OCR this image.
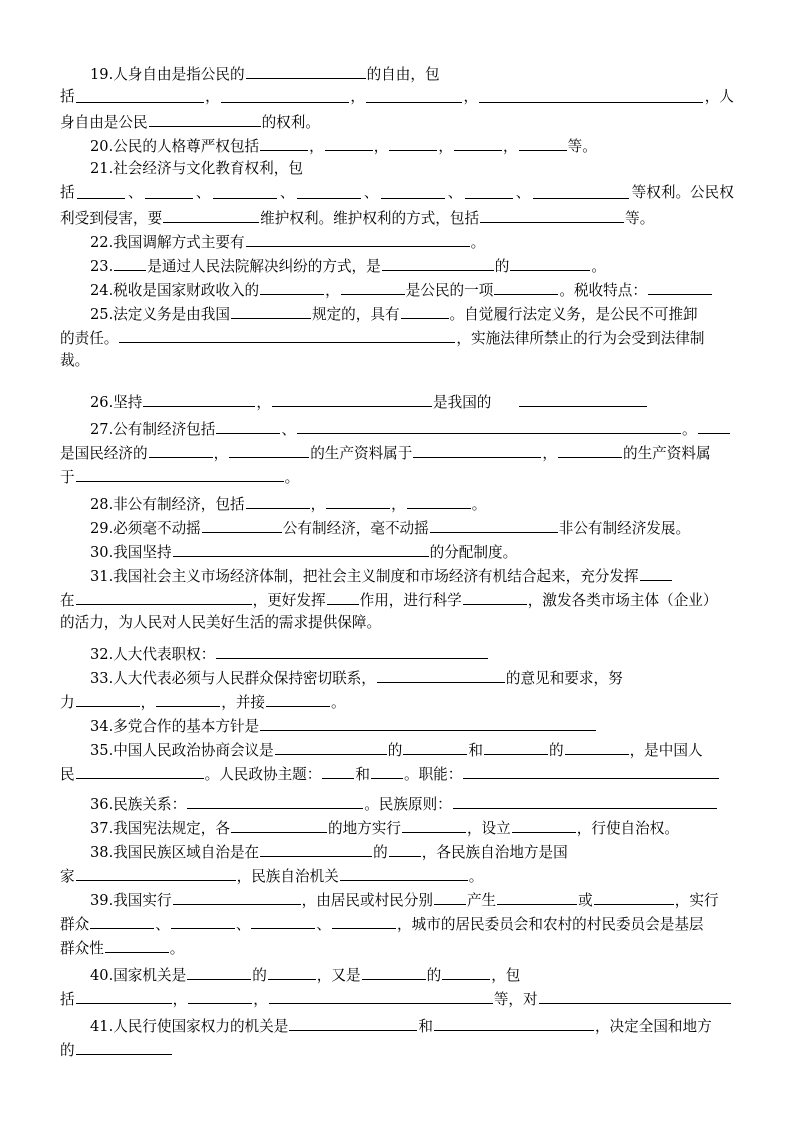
19.人身自由是指公民的	的自由，包
括	，	，	，	，人
身自由是公民	的权利。
20.公民的人格尊严权包括	，	，	，	，	等。
21.社会经济与文化教育权利，包
括	、	、	、	、	、	、	等权利。公民权
利受到侵害，要	维护权利。维护权利的方式，包括	等。
22.我国调解方式主要有	。
23. 是通过人民法院解决纠纷的方式，是	的	。
24.税收是国家财政收入的	，	是公民的一项	。税收特点：
25.法定义务是由我国	规定的，具有	。自觉履行法定义务，是公民不可推卸
的责任。	，实施法律所禁止的行为会受到法律制
裁。
26.坚持	，	是我国的
27.公有制经济包括	、	。
是国民经济的	，	的生产资料属于	，	的生产资料属
于	。
28.非公有制经济，包括	，	，	。
29.必须毫不动摇	公有制经济，毫不动摇	非公有制经济发展。
30.我国坚持	的分配制度。
31.我国社会主义市场经济体制，把社会主义制度和市场经济有机结合起来，充分发挥
在	，更好发挥 作用，进行科学	，激发各类市场主体（企业）
的活力，为人民对人民美好生活的需求提供保障。
32.人大代表职权：
33.人大代表必须与人民群众保持密切联系，	的意见和要求，努
力	，	，并接	。
34.多党合作的基本方针是
35.中国人民政治协商会议是	的	和	的	，是中国人
民	。人民政协主题： 和 。职能：
36.民族关系：	。民族原则：
37.我国宪法规定，各	的地方实行	，设立	，行使自治权。
38.我国民族区域自治是在	的 ，各民族自治地方是国
家	，民族自治机关	。
39.我国实行	，由居民或村民分别 产生	或	，实行
群众	、	、	、	，城市的居民委员会和农村的村民委员会是基层
群众性	。
40.国家机关是	的	，又是	的	，包
括	，	，	等，对
41.人民行使国家权力的机关是	和	，决定全国和地方
的
